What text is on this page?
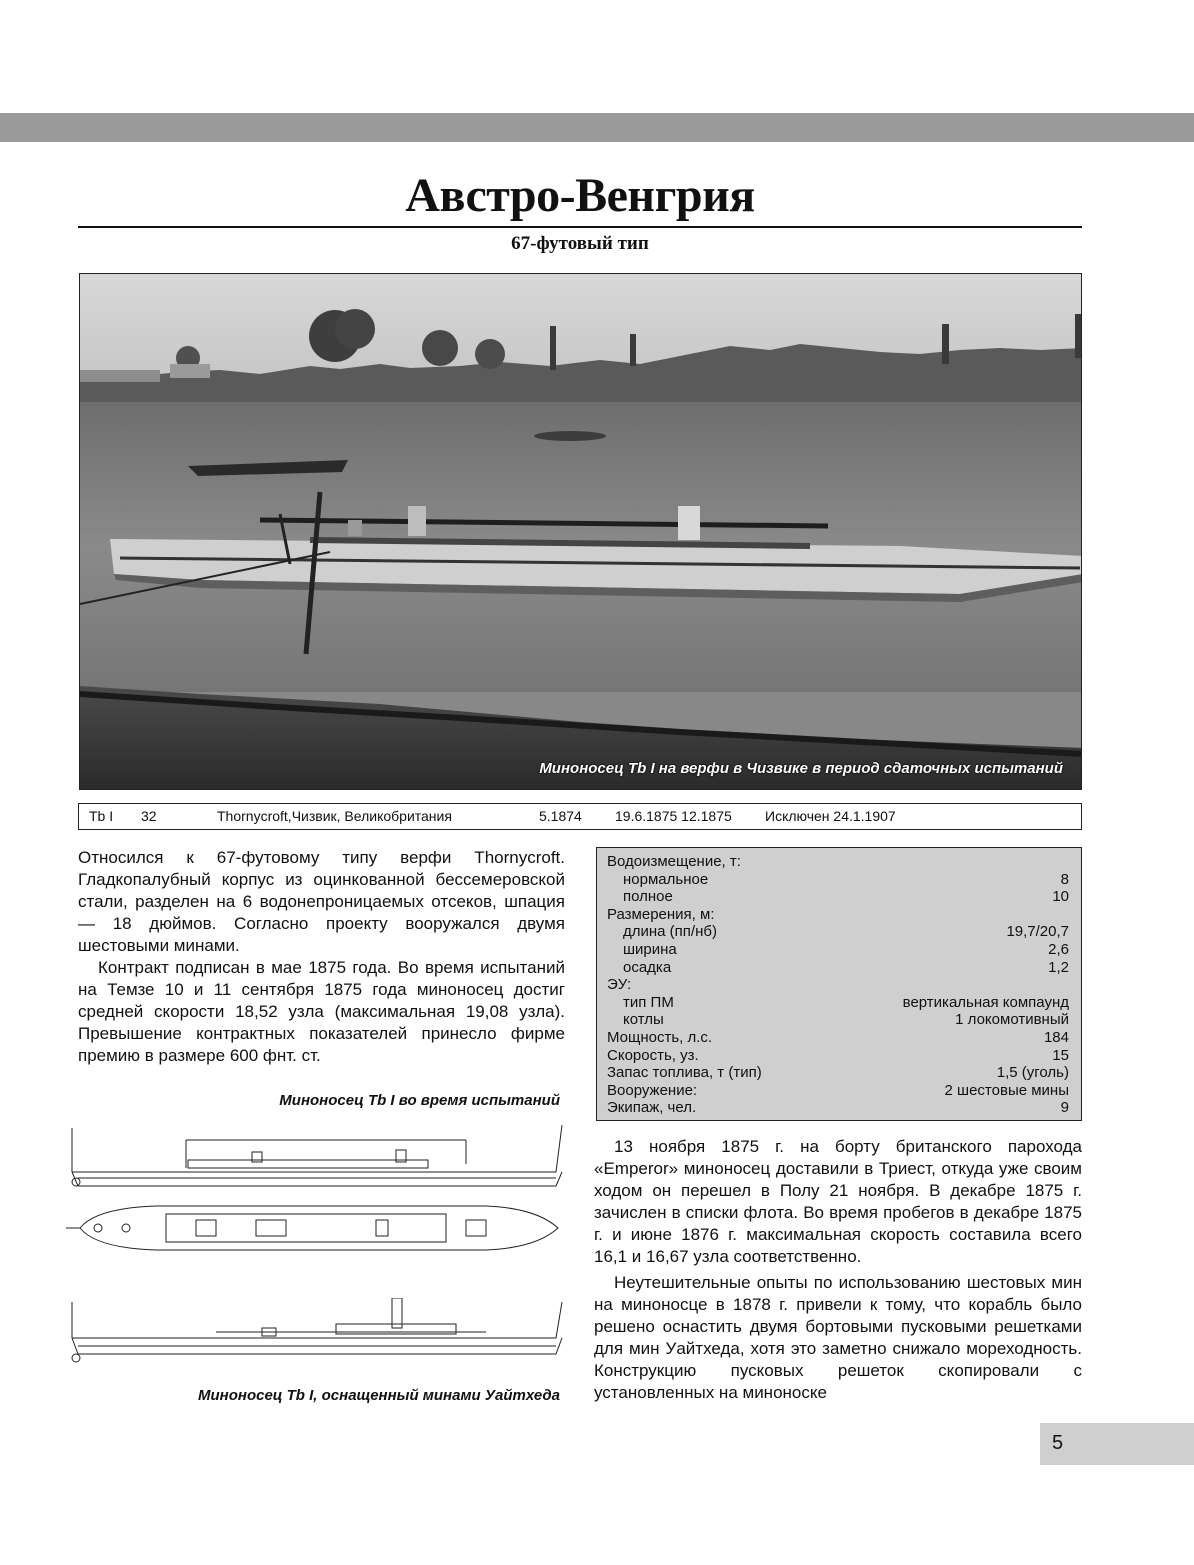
Австро-Венгрия
67-футовый тип
Миноносец Tb I на верфи в Чизвике в период сдаточных испытаний
Tb I 32	Thornycroft,Чизвик, Великобритания	5.1874 19.6.1875 12.1875 Исключен 24.1.1907

Относился к 67-футовому типу верфи Thornycroft. Гладкопалубный корпус из оцинкованной бессемеровской стали, разделен на 6 водонепроницаемых отсеков, шпация — 18 дюймов. Согласно проекту вооружался двумя шестовыми минами.

Контракт подписан в мае 1875 года. Во время испытаний на Темзе 10 и 11 сентября 1875 года миноносец достиг средней скорости 18,52 узла (максимальная 19,08 узла). Превышение контрактных показателей принесло фирме премию в размере 600 фнт. ст.

Миноносец Tb I во время испытаний
Миноносец Tb I, оснащенный минами Уайтхеда
Водоизмещение, т:
нормальное	8
полное	10
Размерения, м:
длина (пп/нб)	19,7/20,7
ширина	2,6
осадка	1,2
ЭУ:
тип ПМ	вертикальная компаунд
котлы	1 локомотивный
Мощность, л.с.	184
Скорость, уз.	15
Запас топлива, т (тип)	1,5 (уголь)
Вооружение:	2 шестовые мины
Экипаж, чел.	9

13 ноября 1875 г. на борту британского парохода «Emperor» миноносец доставили в Триест, откуда уже своим ходом он перешел в Полу 21 ноября. В декабре 1875 г. зачислен в списки флота. Во время пробегов в декабре 1875 г. и июне 1876 г. максимальная скорость составила всего 16,1 и 16,67 узла соответственно.

Неутешительные опыты по использованию шестовых мин на миноносце в 1878 г. привели к тому, что корабль было решено оснастить двумя бортовыми пусковыми решетками для мин Уайтхеда, хотя это заметно снижало мореходность. Конструкцию пусковых решеток скопировали с установленных на миноноске

5
